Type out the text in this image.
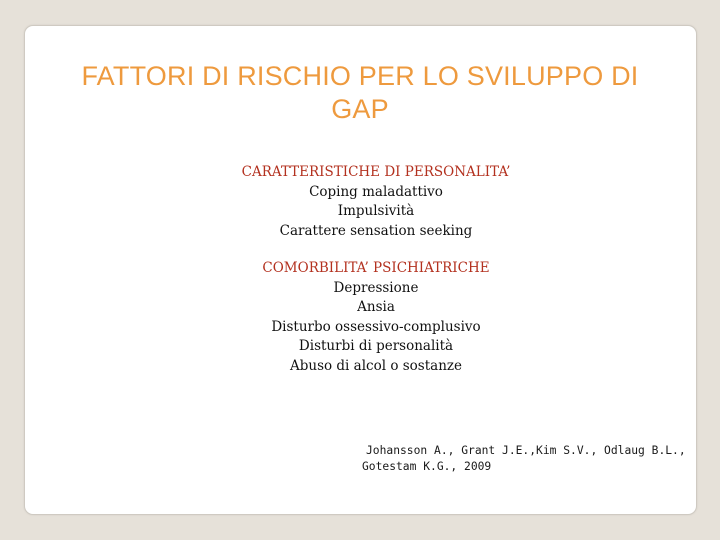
FATTORI DI RISCHIO PER LO SVILUPPO DI
GAP
CARATTERISTICHE DI PERSONALITA’
Coping maladattivo
Impulsività
Carattere sensation seeking
COMORBILITA’ PSICHIATRICHE
Depressione
Ansia
Disturbo ossessivo-complusivo
Disturbi di personalità
Abuso di alcol o sostanze
Johansson A., Grant J.E.,Kim S.V., Odlaug B.L.,
Gotestam K.G., 2009
